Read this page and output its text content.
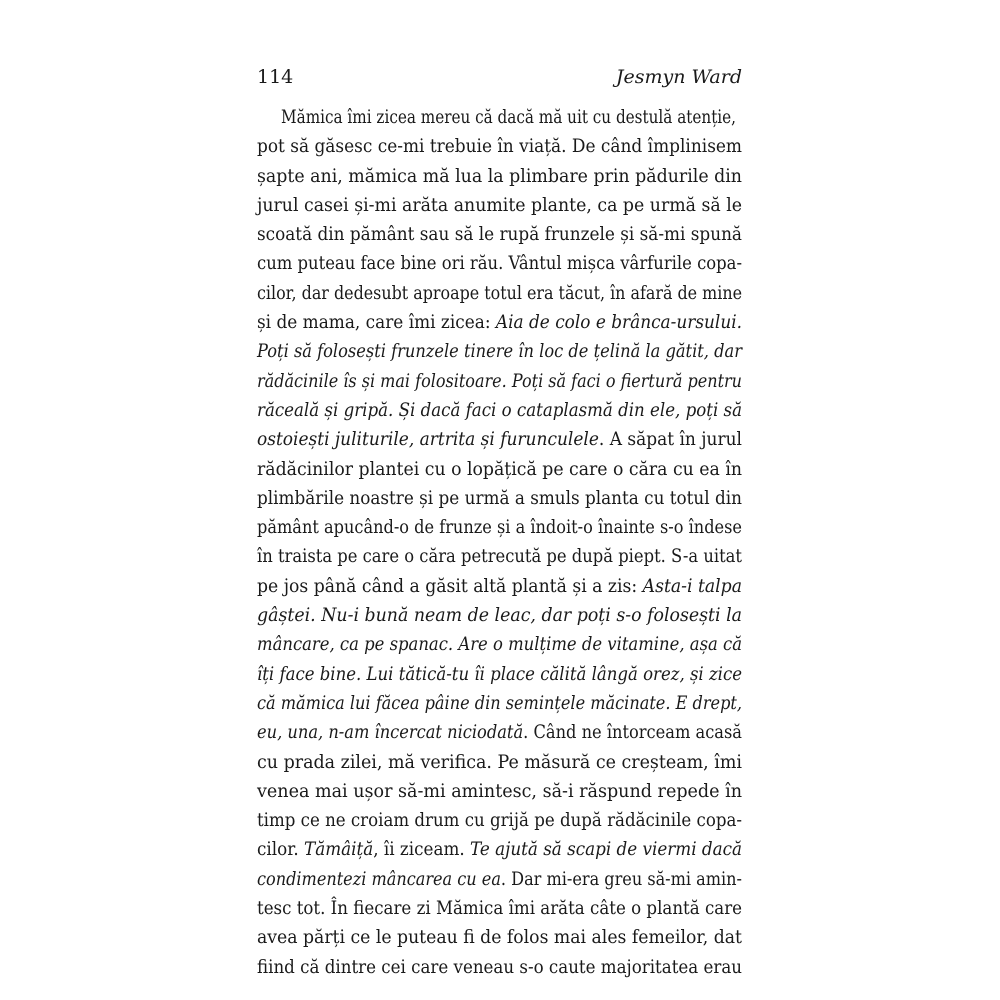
114	Jesmyn Ward
Mămica îmi zicea mereu că dacă mă uit cu destulă atenție,
pot să găsesc ce-mi trebuie în viață. De când împlinisem
șapte ani, mămica mă lua la plimbare prin pădurile din
jurul casei și-mi arăta anumite plante, ca pe urmă să le
scoată din pământ sau să le rupă frunzele și să-mi spună
cum puteau face bine ori rău. Vântul mișca vârfurile copa-
cilor, dar dedesubt aproape totul era tăcut, în afară de mine
și de mama, care îmi zicea: Aia de colo e brânca-ursului.
Poți să folosești frunzele tinere în loc de țelină la gătit, dar
rădăcinile îs și mai folositoare. Poți să faci o fiertură pentru
răceală și gripă. Și dacă faci o cataplasmă din ele, poți să
ostoiești juliturile, artrita și furunculele. A săpat în jurul
rădăcinilor plantei cu o lopățică pe care o căra cu ea în
plimbările noastre și pe urmă a smuls planta cu totul din
pământ apucând-o de frunze și a îndoit-o înainte s-o îndese
în traista pe care o căra petrecută pe după piept. S-a uitat
pe jos până când a găsit altă plantă și a zis: Asta-i talpa
gâștei. Nu-i bună neam de leac, dar poți s-o folosești la
mâncare, ca pe spanac. Are o mulțime de vitamine, așa că
îți face bine. Lui tătică-tu îi place călită lângă orez, și zice
că mămica lui făcea pâine din semințele măcinate. E drept,
eu, una, n-am încercat niciodată. Când ne întorceam acasă
cu prada zilei, mă verifica. Pe măsură ce creșteam, îmi
venea mai ușor să-mi amintesc, să-i răspund repede în
timp ce ne croiam drum cu grijă pe după rădăcinile copa-
cilor. Tămâiță, îi ziceam. Te ajută să scapi de viermi dacă
condimentezi mâncarea cu ea. Dar mi-era greu să-mi amin-
tesc tot. În fiecare zi Mămica îmi arăta câte o plantă care
avea părți ce le puteau fi de folos mai ales femeilor, dat
fiind că dintre cei care veneau s-o caute majoritatea erau
